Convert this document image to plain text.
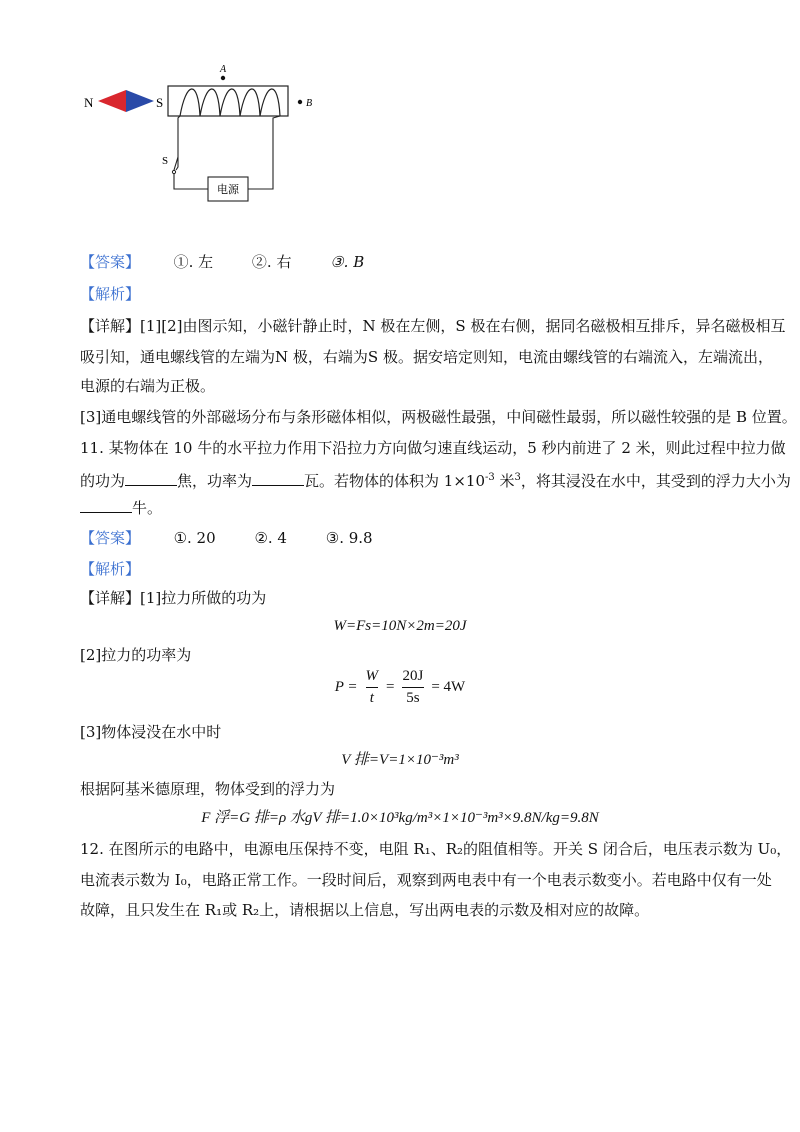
N	S
A
B
S
电源
【答案】 ①. 左	②. 右	③. B
【解析】
【详解】[1][2]由图示知，小磁针静止时，N 极在左侧，S 极在右侧，据同名磁极相互排斥，异名磁极相互
吸引知，通电螺线管的左端为N 极，右端为S 极。据安培定则知，电流由螺线管的右端流入，左端流出，
电源的右端为正极。
[3]通电螺线管的外部磁场分布与条形磁体相似，两极磁性最强，中间磁性最弱，所以磁性较强的是 B 位置。
11. 某物体在 10 牛的水平拉力作用下沿拉力方向做匀速直线运动，5 秒内前进了 2 米，则此过程中拉力做
的功为	焦，功率为	瓦。若物体的体积为 $1\times 10^{-3}$ 米$^3$，将其浸没在水中，其受到的浮力大小为
牛。
【答案】 ①. 20	②. 4	③. 9.8
【解析】
【详解】[1]拉力所做的功为
W=Fs=10N×2m=20J
[2]拉力的功率为
$P = \frac{W}{t} = \frac{20J}{5s} = 4W$
[3]物体浸没在水中时
V 排=V=1×10⁻³m³
根据阿基米德原理，物体受到的浮力为
F 浮=G 排=ρ 水gV 排=1.0×10³kg/m³×1×10⁻³m³×9.8N/kg=9.8N
12. 在图所示的电路中，电源电压保持不变，电阻 R₁、R₂的阻值相等。开关 S 闭合后，电压表示数为 U₀，
电流表示数为 I₀，电路正常工作。一段时间后，观察到两电表中有一个电表示数变小。若电路中仅有一处
故障，且只发生在 R₁或 R₂上，请根据以上信息，写出两电表的示数及相对应的故障。
